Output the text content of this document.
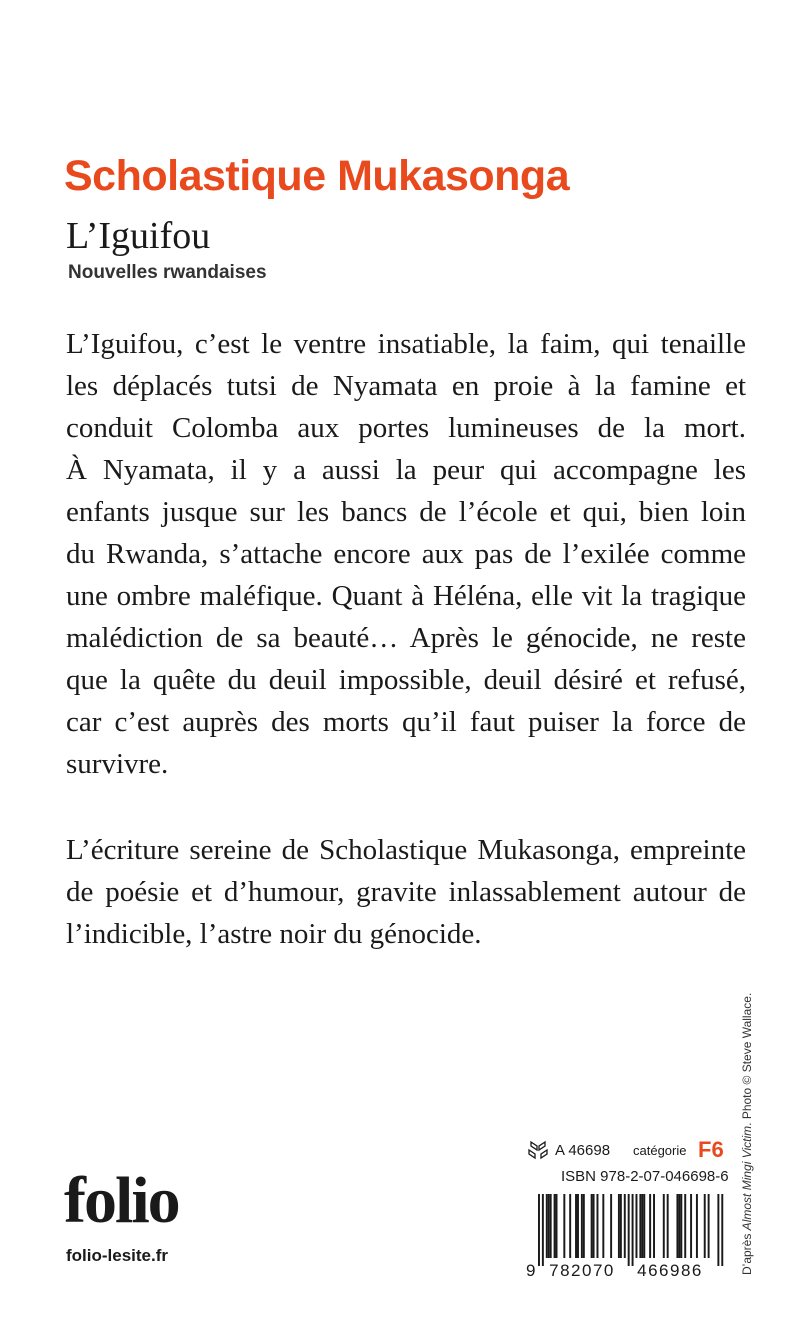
Scholastique Mukasonga
L’Iguifou
Nouvelles rwandaises
L’Iguifou, c’est le ventre insatiable, la faim, qui tenaille
les déplacés tutsi de Nyamata en proie à la famine et
conduit Colomba aux portes lumineuses de la mort.
À Nyamata, il y a aussi la peur qui accompagne les
enfants jusque sur les bancs de l’école et qui, bien loin
du Rwanda, s’attache encore aux pas de l’exilée comme
une ombre maléfique. Quant à Héléna, elle vit la tragique
malédiction de sa beauté… Après le génocide, ne reste
que la quête du deuil impossible, deuil désiré et refusé,
car c’est auprès des morts qu’il faut puiser la force de
survivre.
L’écriture sereine de Scholastique Mukasonga, empreinte
de poésie et d’humour, gravite inlassablement autour de
l’indicible, l’astre noir du génocide.
D’après Almost Mingi Victim. Photo © Steve Wallace.
A 46698 catégorie F6
ISBN 978-2-07-046698-6
9 782070 466986
folio
folio-lesite.fr
